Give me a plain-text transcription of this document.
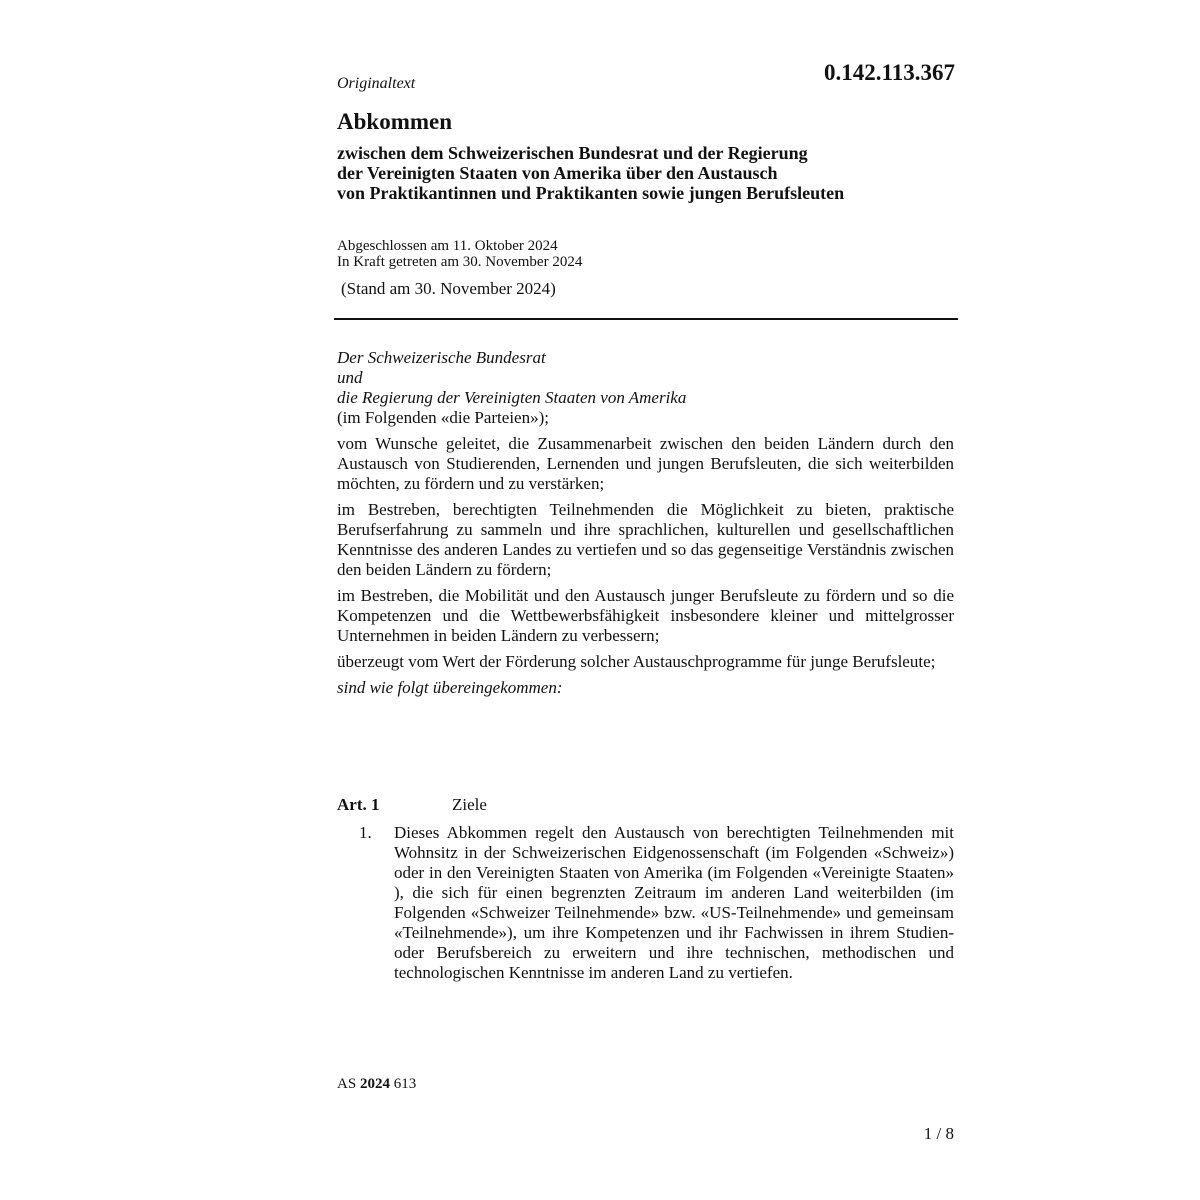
Originaltext	0.142.113.367
Abkommen
zwischen dem Schweizerischen Bundesrat und der Regierung
der Vereinigten Staaten von Amerika über den Austausch
von Praktikantinnen und Praktikanten sowie jungen Berufsleuten
Abgeschlossen am 11. Oktober 2024
In Kraft getreten am 30. November 2024
(Stand am 30. November 2024)
Der Schweizerische Bundesrat
und
die Regierung der Vereinigten Staaten von Amerika
(im Folgenden «die Parteien»);

vom Wunsche geleitet, die Zusammenarbeit zwischen den beiden Ländern durch den Austausch von Studierenden, Lernenden und jungen Berufsleuten, die sich weiterbilden möchten, zu fördern und zu verstärken;

im Bestreben, berechtigten Teilnehmenden die Möglichkeit zu bieten, praktische Berufserfahrung zu sammeln und ihre sprachlichen, kulturellen und gesellschaftlichen Kenntnisse des anderen Landes zu vertiefen und so das gegenseitige Verständnis zwischen den beiden Ländern zu fördern;

im Bestreben, die Mobilität und den Austausch junger Berufsleute zu fördern und so die Kompetenzen und die Wettbewerbsfähigkeit insbesondere kleiner und mittelgrosser Unternehmen in beiden Ländern zu verbessern;

überzeugt vom Wert der Förderung solcher Austauschprogramme für junge Berufsleute;

sind wie folgt übereingekommen:

Art. 1	Ziele
1. Dieses Abkommen regelt den Austausch von berechtigten Teilnehmenden mit Wohnsitz in der Schweizerischen Eidgenossenschaft (im Folgenden «Schweiz») oder in den Vereinigten Staaten von Amerika (im Folgenden «Vereinigte Staaten» ), die sich für einen begrenzten Zeitraum im anderen Land weiterbilden (im Folgenden «Schweizer Teilnehmende» bzw. «US-Teilnehmende» und gemeinsam «Teilnehmende»), um ihre Kompetenzen und ihr Fachwissen in ihrem Studien- oder Berufsbereich zu erweitern und ihre technischen, methodischen und technologischen Kenntnisse im anderen Land zu vertiefen.
AS 2024 613
1 / 8
